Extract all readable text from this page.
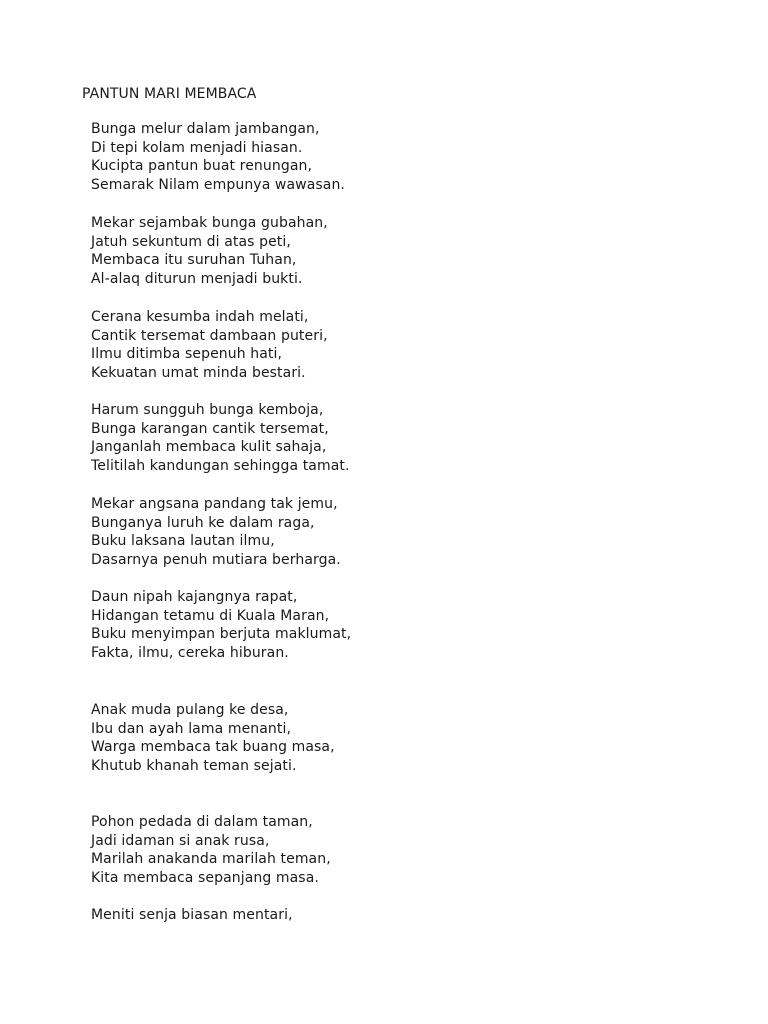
PANTUN MARI MEMBACA
Bunga melur dalam jambangan,
Di tepi kolam menjadi hiasan.
Kucipta pantun buat renungan,
Semarak Nilam empunya wawasan.
Mekar sejambak bunga gubahan,
Jatuh sekuntum di atas peti,
Membaca itu suruhan Tuhan,
Al-alaq diturun menjadi bukti.
Cerana kesumba indah melati,
Cantik tersemat dambaan puteri,
Ilmu ditimba sepenuh hati,
Kekuatan umat minda bestari.
Harum sungguh bunga kemboja,
Bunga karangan cantik tersemat,
Janganlah membaca kulit sahaja,
Telitilah kandungan sehingga tamat.
Mekar angsana pandang tak jemu,
Bunganya luruh ke dalam raga,
Buku laksana lautan ilmu,
Dasarnya penuh mutiara berharga.
Daun nipah kajangnya rapat,
Hidangan tetamu di Kuala Maran,
Buku menyimpan berjuta maklumat,
Fakta, ilmu, cereka hiburan.
Anak muda pulang ke desa,
Ibu dan ayah lama menanti,
Warga membaca tak buang masa,
Khutub khanah teman sejati.
Pohon pedada di dalam taman,
Jadi idaman si anak rusa,
Marilah anakanda marilah teman,
Kita membaca sepanjang masa.
Meniti senja biasan mentari,
